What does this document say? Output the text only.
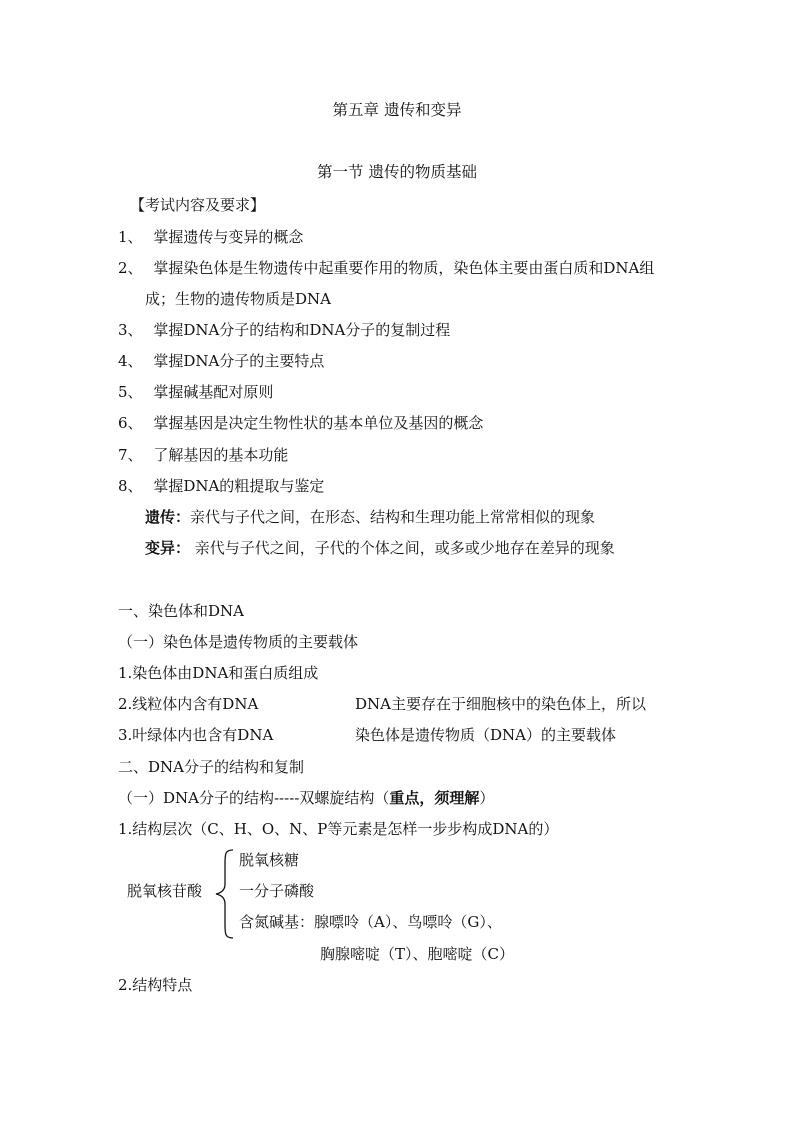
第五章 遗传和变异
第一节 遗传的物质基础
【考试内容及要求】
1、 掌握遗传与变异的概念
2、 掌握染色体是生物遗传中起重要作用的物质，染色体主要由蛋白质和DNA组
成；生物的遗传物质是DNA
3、 掌握DNA分子的结构和DNA分子的复制过程
4、 掌握DNA分子的主要特点
5、 掌握碱基配对原则
6、 掌握基因是决定生物性状的基本单位及基因的概念
7、 了解基因的基本功能
8、 掌握DNA的粗提取与鉴定
遗传：亲代与子代之间，在形态、结构和生理功能上常常相似的现象
变异： 亲代与子代之间，子代的个体之间，或多或少地存在差异的现象
一、染色体和DNA
（一）染色体是遗传物质的主要载体
1.染色体由DNA和蛋白质组成
2.线粒体内含有DNA
3.叶绿体内也含有DNA
DNA主要存在于细胞核中的染色体上，所以
染色体是遗传物质（DNA）的主要载体
二、DNA分子的结构和复制
（一）DNA分子的结构-----双螺旋结构（重点，须理解）
1.结构层次（C、H、O、N、P等元素是怎样一步步构成DNA的）
脱氧核苷酸
脱氧核糖
一分子磷酸
含氮碱基：腺嘌呤（A）、鸟嘌呤（G）、
胸腺嘧啶（T）、胞嘧啶（C）
2.结构特点
